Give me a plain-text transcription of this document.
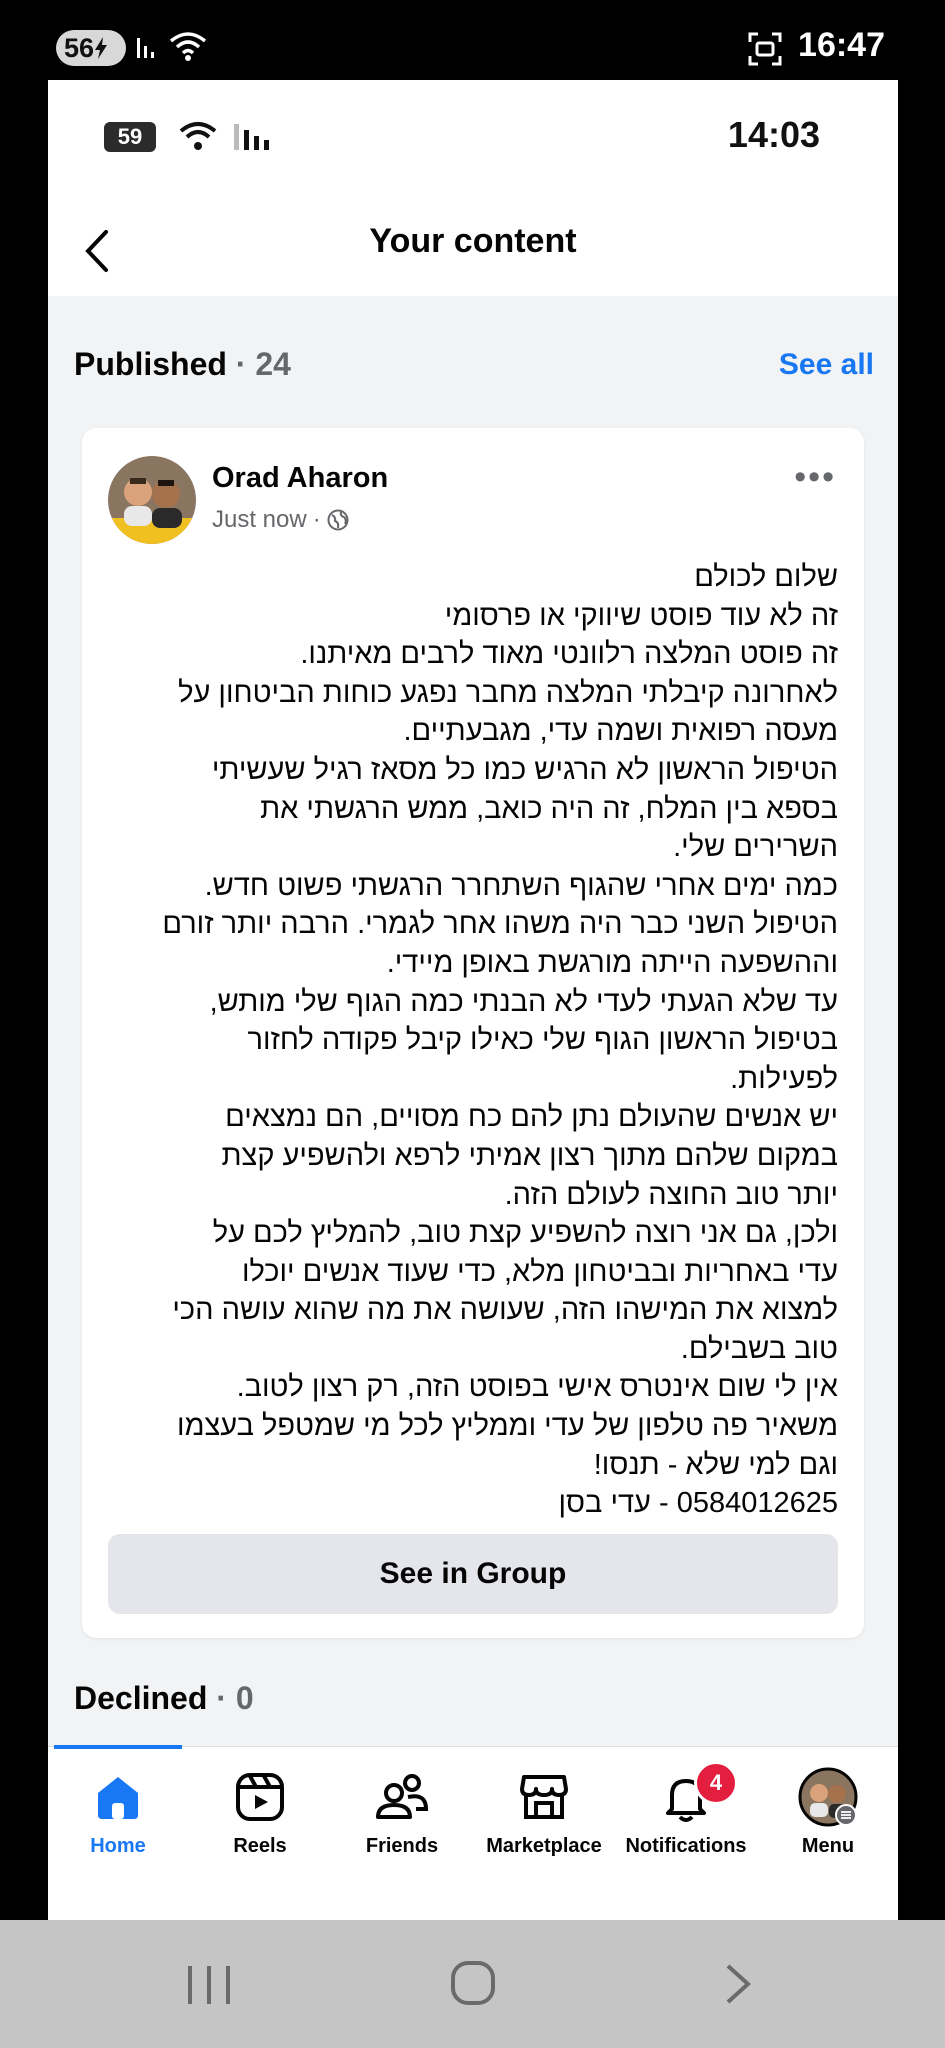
56	16:47
59	14:03
Your content
Published · 24	See all
Orad Aharon
Just now ·
•••
שלום לכולם
זה לא עוד פוסט שיווקי או פרסומי
זה פוסט המלצה רלוונטי מאוד לרבים מאיתנו.
לאחרונה קיבלתי המלצה מחבר נפגע כוחות הביטחון על
מעסה רפואית ושמה עדי, מגבעתיים.
הטיפול הראשון לא הרגיש כמו כל מסאז רגיל שעשיתי
בספא בין המלח, זה היה כואב, ממש הרגשתי את
השרירים שלי.
כמה ימים אחרי שהגוף השתחרר הרגשתי פשוט חדש.
הטיפול השני כבר היה משהו אחר לגמרי. הרבה יותר זורם
וההשפעה הייתה מורגשת באופן מיידי.
עד שלא הגעתי לעדי לא הבנתי כמה הגוף שלי מותש,
בטיפול הראשון הגוף שלי כאילו קיבל פקודה לחזור
לפעילות.
יש אנשים שהעולם נתן להם כח מסויים, הם נמצאים
במקום שלהם מתוך רצון אמיתי לרפא ולהשפיע קצת
יותר טוב החוצה לעולם הזה.
ולכן, גם אני רוצה להשפיע קצת טוב, להמליץ לכם על
עדי באחריות ובביטחון מלא, כדי שעוד אנשים יוכלו
למצוא את המישהו הזה, שעושה את מה שהוא עושה הכי
טוב בשבילם.
אין לי שום אינטרס אישי בפוסט הזה, רק רצון לטוב.
משאיר פה טלפון של עדי וממליץ לכל מי שמטפל בעצמו
וגם למי שלא - תנסו!
0584012625 - עדי בסן
See in Group
Declined · 0
Home	Reels	Friends	Marketplace
4
Notifications	Menu
